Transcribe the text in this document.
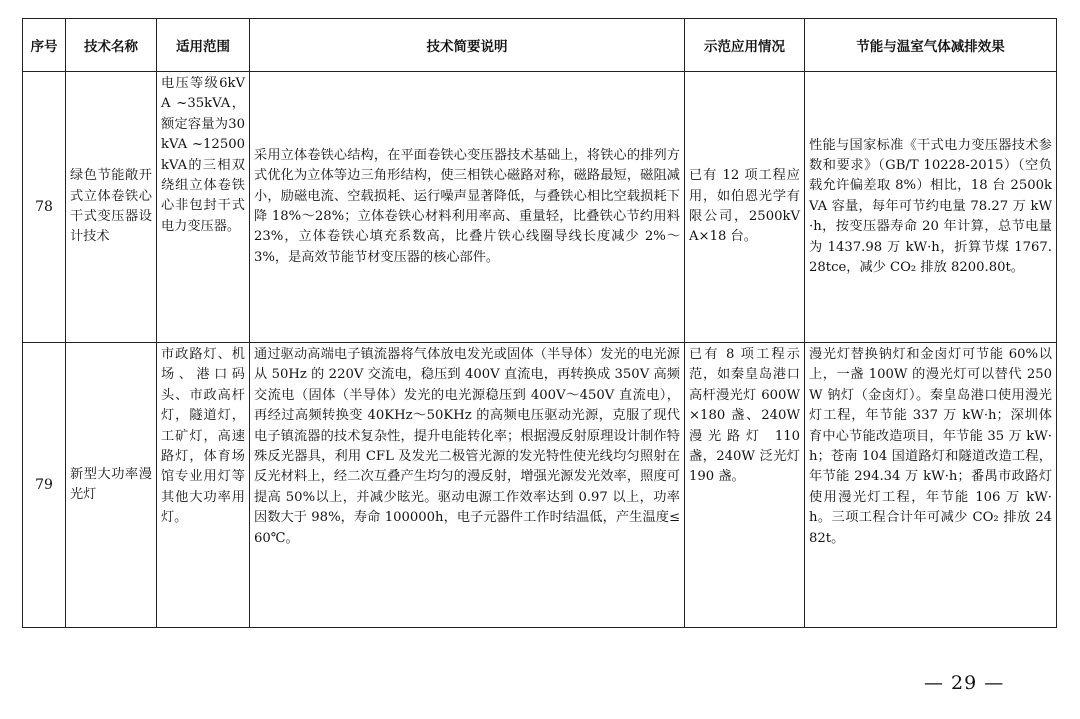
序号	技术名称	适用范围	技术简要说明	示范应用情况	节能与温室气体减排效果
78	绿色节能敞开式立体卷铁心干式变压器设计技术	电压等级6kVA ~35kVA，额定容量为30kVA ~12500 kVA的三相双绕组立体卷铁心非包封干式电力变压器。	采用立体卷铁心结构，在平面卷铁心变压器技术基础上，将铁心的排列方式优化为立体等边三角形结构，使三相铁心磁路对称，磁路最短，磁阻减小，励磁电流、空载损耗、运行噪声显著降低，与叠铁心相比空载损耗下降 18%～28%；立体卷铁心材料利用率高、重量轻，比叠铁心节约用料 23%，立体卷铁心填充系数高，比叠片铁心线圈导线长度减少 2%～3%，是高效节能节材变压器的核心部件。	已有 12 项工程应用，如伯恩光学有限公司，2500kVA×18 台。	性能与国家标准《干式电力变压器技术参数和要求》（GB/T 10228-2015）（空负载允许偏差取 8%）相比，18 台 2500kVA 容量，每年可节约电量 78.27 万 kW·h，按变压器寿命 20 年计算，总节电量为 1437.98 万 kW·h，折算节煤 1767.28tce，减少 CO₂ 排放 8200.80t。
79	新型大功率漫光灯	市政路灯、机场、港口码头、市政高杆灯，隧道灯，工矿灯，高速路灯，体育场馆专业用灯等其他大功率用灯。	通过驱动高端电子镇流器将气体放电发光或固体（半导体）发光的电光源从 50Hz 的 220V 交流电，稳压到 400V 直流电，再转换成 350V 高频交流电（固体（半导体）发光的电光源稳压到 400V～450V 直流电），再经过高频转换变 40KHz～50KHz 的高频电压驱动光源，克服了现代电子镇流器的技术复杂性，提升电能转化率；根据漫反射原理设计制作特殊反光器具，利用 CFL 及发光二极管光源的发光特性使光线均匀照射在反光材料上，经二次互叠产生均匀的漫反射，增强光源发光效率，照度可提高 50%以上，并减少眩光。驱动电源工作效率达到 0.97 以上，功率因数大于 98%，寿命 100000h，电子元器件工作时结温低，产生温度≤60℃。	已有 8 项工程示范，如秦皇岛港口高杆漫光灯 600W×180 盏、240W 漫光路灯 110 盏，240W 泛光灯 190 盏。	漫光灯替换钠灯和金卤灯可节能 60%以上，一盏 100W 的漫光灯可以替代 250W 钠灯（金卤灯）。秦皇岛港口使用漫光灯工程，年节能 337 万 kW·h；深圳体育中心节能改造项目，年节能 35 万 kW·h；苍南 104 国道路灯和隧道改造工程，年节能 294.34 万 kW·h；番禺市政路灯使用漫光灯工程，年节能 106 万 kW·h。三项工程合计年可减少 CO₂ 排放 2482t。
— 29 —
